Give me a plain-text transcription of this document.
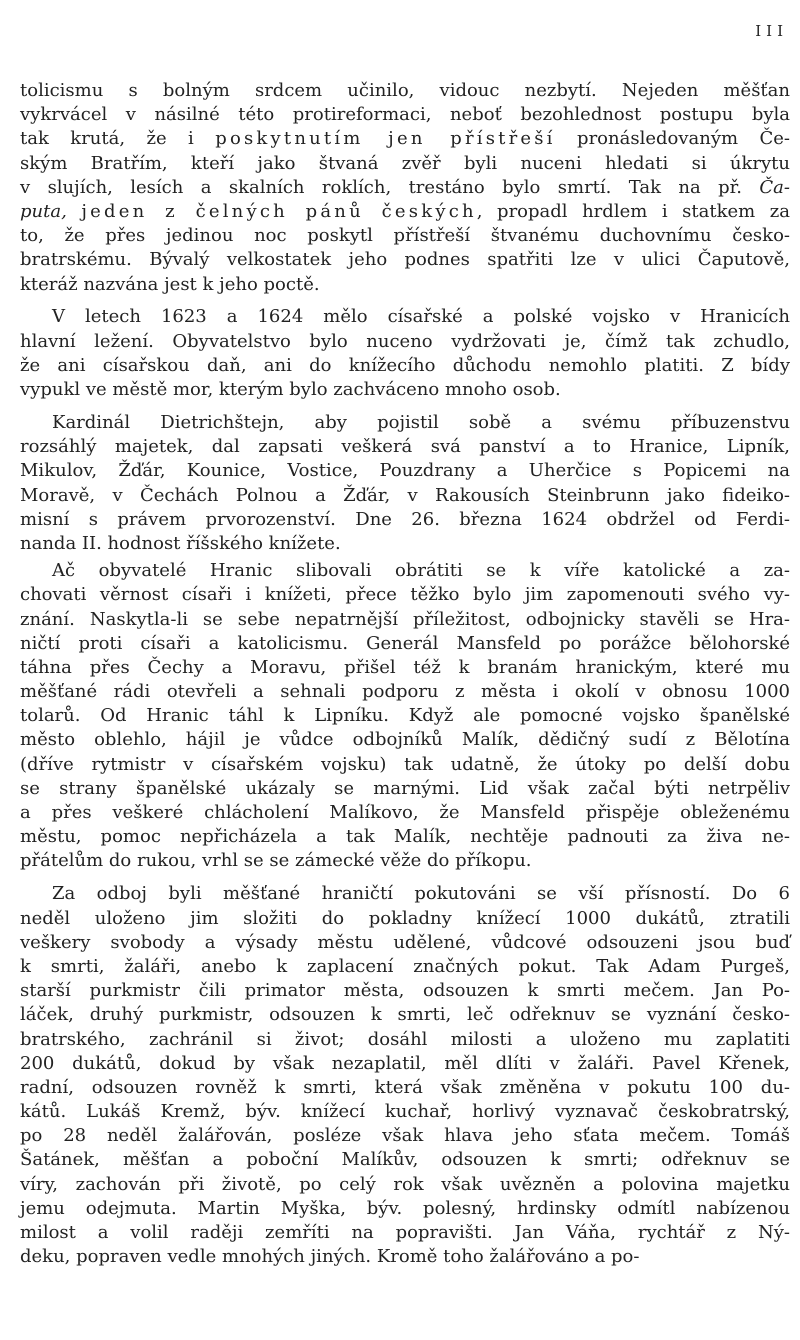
III
tolicismu s bolným srdcem učinilo, vidouc nezbytí. Nejeden měšťan
vykrvácel v násilné této protireformaci, neboť bezohlednost postupu byla
tak krutá, že i poskytnutím jen přístřeší pronásledovaným Če-
ským Bratřím, kteří jako štvaná zvěř byli nuceni hledati si úkrytu
v slujích, lesích a skalních roklích, trestáno bylo smrtí. Tak na př. Ča-
puta, jeden z čelných pánů českých, propadl hrdlem i statkem za
to, že přes jedinou noc poskytl přístřeší štvanému duchovnímu česko-
bratrskému. Bývalý velkostatek jeho podnes spatřiti lze v ulici Čaputově,
kteráž nazvána jest k jeho poctě.
V letech 1623 a 1624 mělo císařské a polské vojsko v Hranicích
hlavní ležení. Obyvatelstvo bylo nuceno vydržovati je, čímž tak zchudlo,
že ani císařskou daň, ani do knížecího důchodu nemohlo platiti. Z bídy
vypukl ve městě mor, kterým bylo zachváceno mnoho osob.
Kardinál Dietrichštejn, aby pojistil sobě a svému příbuzenstvu
rozsáhlý majetek, dal zapsati veškerá svá panství a to Hranice, Lipník,
Mikulov, Žďár, Kounice, Vostice, Pouzdrany a Uherčice s Popicemi na
Moravě, v Čechách Polnou a Žďár, v Rakousích Steinbrunn jako fideiko-
misní s právem prvorozenství. Dne 26. března 1624 obdržel od Ferdi-
nanda II. hodnost říšského knížete.
Ač obyvatelé Hranic slibovali obrátiti se k víře katolické a za-
chovati věrnost císaři i knížeti, přece těžko bylo jim zapomenouti svého vy-
znání. Naskytla-li se sebe nepatrnější příležitost, odbojnicky stavěli se Hra-
ničtí proti císaři a katolicismu. Generál Mansfeld po porážce bělohorské
táhna přes Čechy a Moravu, přišel též k branám hranickým, které mu
měšťané rádi otevřeli a sehnali podporu z města i okolí v obnosu 1000
tolarů. Od Hranic táhl k Lipníku. Když ale pomocné vojsko španělské
město oblehlo, hájil je vůdce odbojníků Malík, dědičný sudí z Bělotína
(dříve rytmistr v císařském vojsku) tak udatně, že útoky po delší dobu
se strany španělské ukázaly se marnými. Lid však začal býti netrpěliv
a přes veškeré chlácholení Malíkovo, že Mansfeld přispěje obleženému
městu, pomoc nepřicházela a tak Malík, nechtěje padnouti za živa ne-
přátelům do rukou, vrhl se se zámecké věže do příkopu.
Za odboj byli měšťané hraničtí pokutováni se vší přísností. Do 6
neděl uloženo jim složiti do pokladny knížecí 1000 dukátů, ztratili
veškery svobody a výsady městu udělené, vůdcové odsouzeni jsou buď
k smrti, žaláři, anebo k zaplacení značných pokut. Tak Adam Purgeš,
starší purkmistr čili primator města, odsouzen k smrti mečem. Jan Po-
láček, druhý purkmistr, odsouzen k smrti, leč odřeknuv se vyznání česko-
bratrského, zachránil si život; dosáhl milosti a uloženo mu zaplatiti
200 dukátů, dokud by však nezaplatil, měl dlíti v žaláři. Pavel Křenek,
radní, odsouzen rovněž k smrti, která však změněna v pokutu 100 du-
kátů. Lukáš Kremž, býv. knížecí kuchař, horlivý vyznavač českobratrský,
po 28 neděl žalářován, posléze však hlava jeho sťata mečem. Tomáš
Šatánek, měšťan a poboční Malíkův, odsouzen k smrti; odřeknuv se
víry, zachován při životě, po celý rok však uvězněn a polovina majetku
jemu odejmuta. Martin Myška, býv. polesný, hrdinsky odmítl nabízenou
milost a volil raději zemříti na popravišti. Jan Váňa, rychtář z Ný-
deku, popraven vedle mnohých jiných. Kromě toho žalářováno a po-
